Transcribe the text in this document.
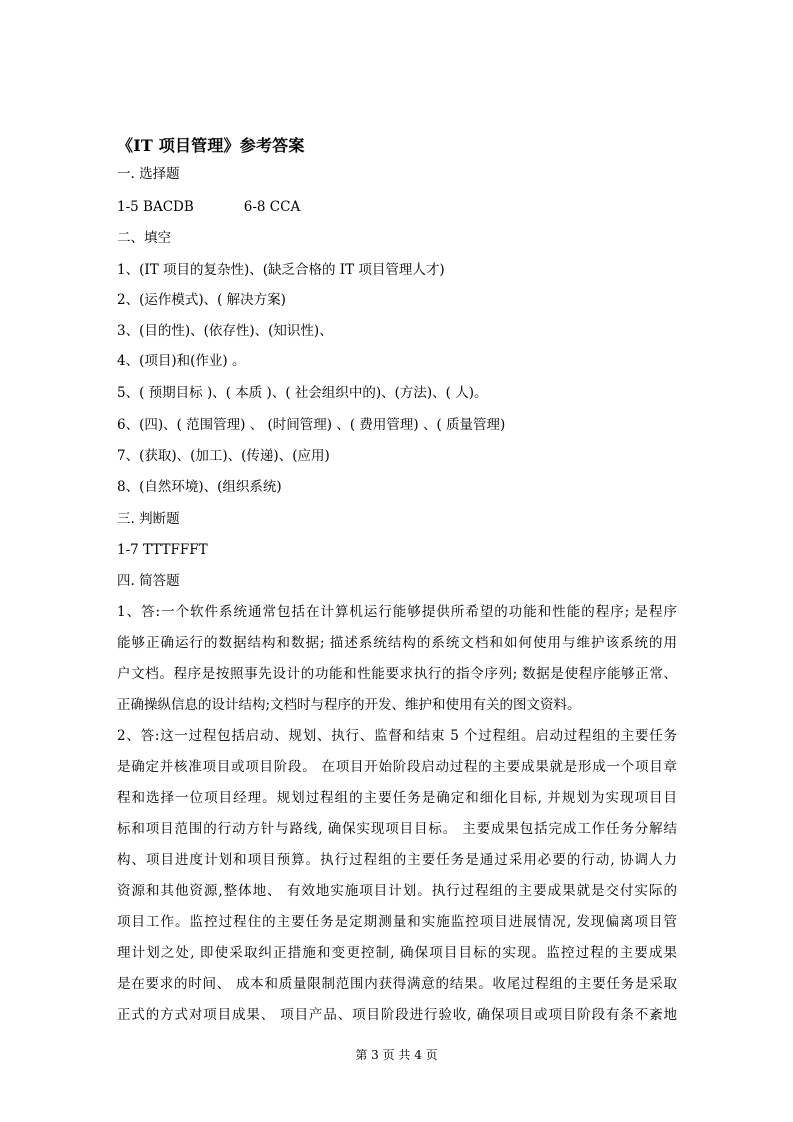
《IT 项目管理》参考答案
一. 选择题
1-5 BACDB	6-8 CCA
二、填空
1、(IT 项目的复杂性)、(缺乏合格的 IT 项目管理人才)
2、(运作模式)、( 解决方案)
3、(目的性)、(依存性)、(知识性)、
4、(项目)和(作业) 。
5、( 预期目标 )、( 本质 )、( 社会组织中的)、(方法)、( 人)。
6、(四)、( 范围管理) 、 (时间管理) 、( 费用管理) 、( 质量管理)
7、(获取)、(加工)、(传递)、(应用)
8、(自然环境)、(组织系统)
三. 判断题
1-7 TTTFFFT
四. 简答题
1、答:一个软件系统通常包括在计算机运行能够提供所希望的功能和性能的程序; 是程序
能够正确运行的数据结构和数据; 描述系统结构的系统文档和如何使用与维护该系统的用
户文档。程序是按照事先设计的功能和性能要求执行的指令序列; 数据是使程序能够正常、
正确操纵信息的设计结构;文档时与程序的开发、维护和使用有关的图文资料。
2、答:这一过程包括启动、规划、执行、监督和结束 5 个过程组。启动过程组的主要任务
是确定并核准项目或项目阶段。 在项目开始阶段启动过程的主要成果就是形成一个项目章
程和选择一位项目经理。规划过程组的主要任务是确定和细化目标, 并规划为实现项目目
标和项目范围的行动方针与路线, 确保实现项目目标。 主要成果包括完成工作任务分解结
构、项目进度计划和项目预算。执行过程组的主要任务是通过采用必要的行动, 协调人力
资源和其他资源,整体地、 有效地实施项目计划。执行过程组的主要成果就是交付实际的
项目工作。监控过程住的主要任务是定期测量和实施监控项目进展情况, 发现偏离项目管
理计划之处, 即使采取纠正措施和变更控制, 确保项目目标的实现。监控过程的主要成果
是在要求的时间、 成本和质量限制范围内获得满意的结果。收尾过程组的主要任务是采取
正式的方式对项目成果、 项目产品、项目阶段进行验收, 确保项目或项目阶段有条不紊地
第 3 页 共 4 页
